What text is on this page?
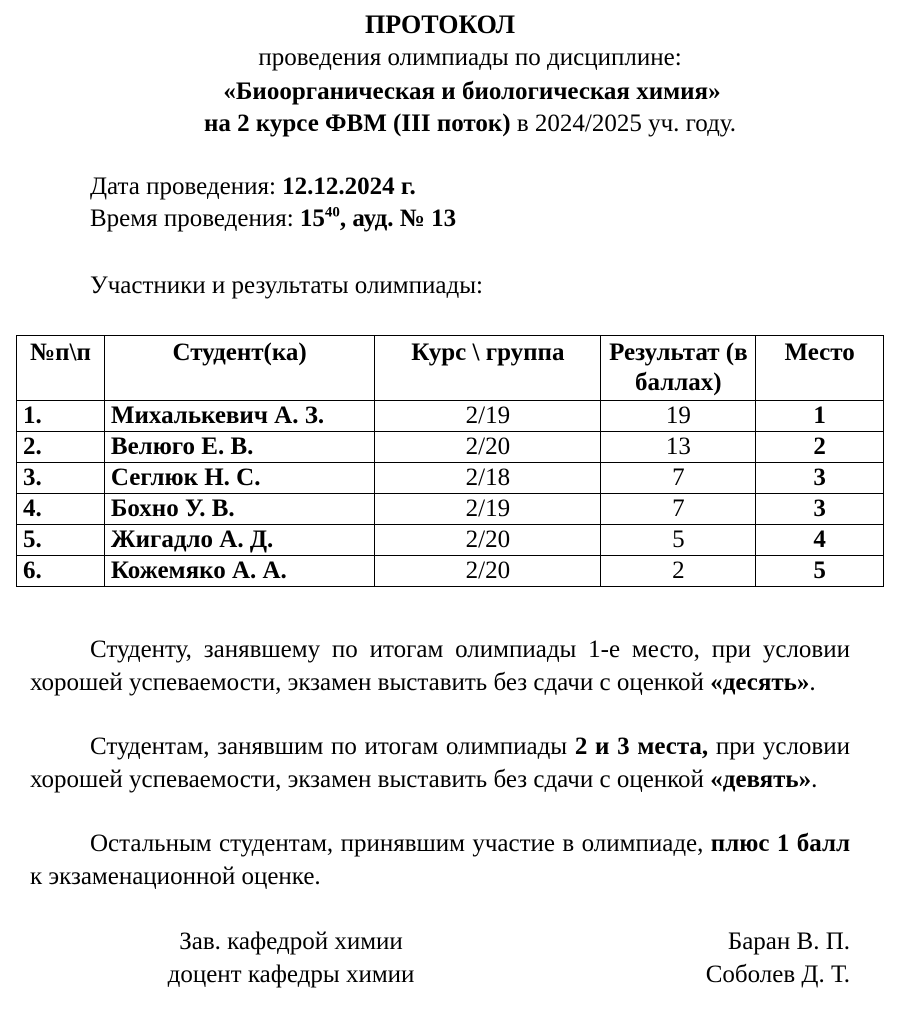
ПРОТОКОЛ
проведения олимпиады по дисциплине:
«Биоорганическая и биологическая химия»
на 2 курсе ФВМ (III поток) в 2024/2025 уч. году.
Дата проведения: 12.12.2024 г.
Время проведения: $15^{40}$, ауд. № 13
Участники и результаты олимпиады:
№п\п	Студент(ка)	Курс \ группа	Результат (в баллах)	Место
1.	Михалькевич А. З.	2/19	19	1
2.	Велюго Е. В.	2/20	13	2
3.	Сеглюк Н. С.	2/18	7	3
4.	Бохно У. В.	2/19	7	3
5.	Жигадло А. Д.	2/20	5	4
6.	Кожемяко А. А.	2/20	2	5
Студенту, занявшему по итогам олимпиады 1-е место, при условии хорошей успеваемости, экзамен выставить без сдачи с оценкой «десять».
Студентам, занявшим по итогам олимпиады 2 и 3 места, при условии хорошей успеваемости, экзамен выставить без сдачи с оценкой «девять».
Остальным студентам, принявшим участие в олимпиаде, плюс 1 балл к экзаменационной оценке.
Зав. кафедрой химии
доцент кафедры химии
Баран В. П.
Соболев Д. Т.
